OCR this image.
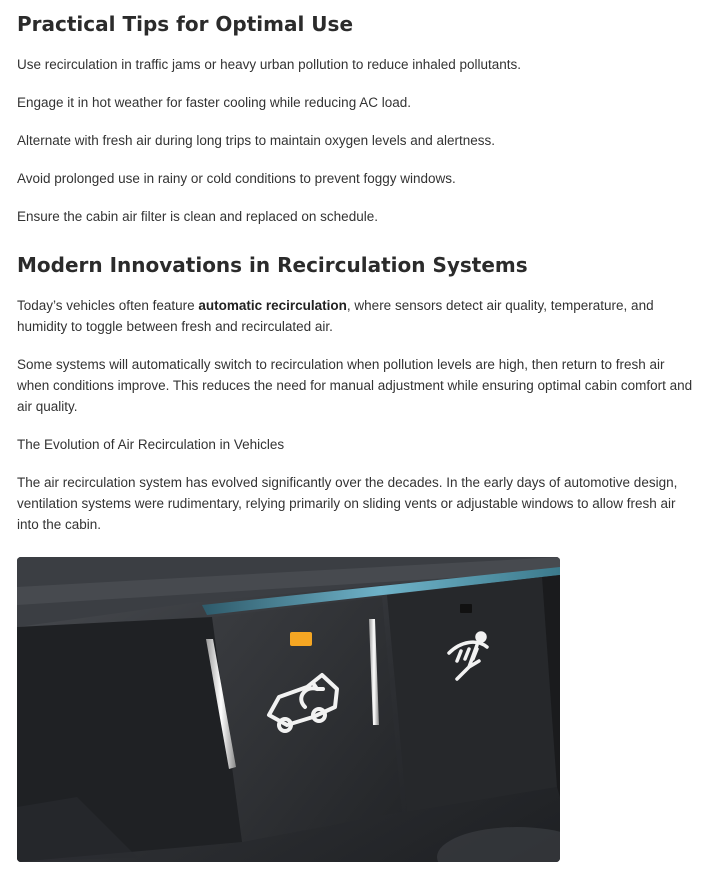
Practical Tips for Optimal Use

Use recirculation in traffic jams or heavy urban pollution to reduce inhaled pollutants.

Engage it in hot weather for faster cooling while reducing AC load.

Alternate with fresh air during long trips to maintain oxygen levels and alertness.

Avoid prolonged use in rainy or cold conditions to prevent foggy windows.

Ensure the cabin air filter is clean and replaced on schedule.

Modern Innovations in Recirculation Systems

Today’s vehicles often feature automatic recirculation, where sensors detect air quality, temperature, and humidity to toggle between fresh and recirculated air.

Some systems will automatically switch to recirculation when pollution levels are high, then return to fresh air when conditions improve. This reduces the need for manual adjustment while ensuring optimal cabin comfort and air quality.

The Evolution of Air Recirculation in Vehicles

The air recirculation system has evolved significantly over the decades. In the early days of automotive design, ventilation systems were rudimentary, relying primarily on sliding vents or adjustable windows to allow fresh air into the cabin.
